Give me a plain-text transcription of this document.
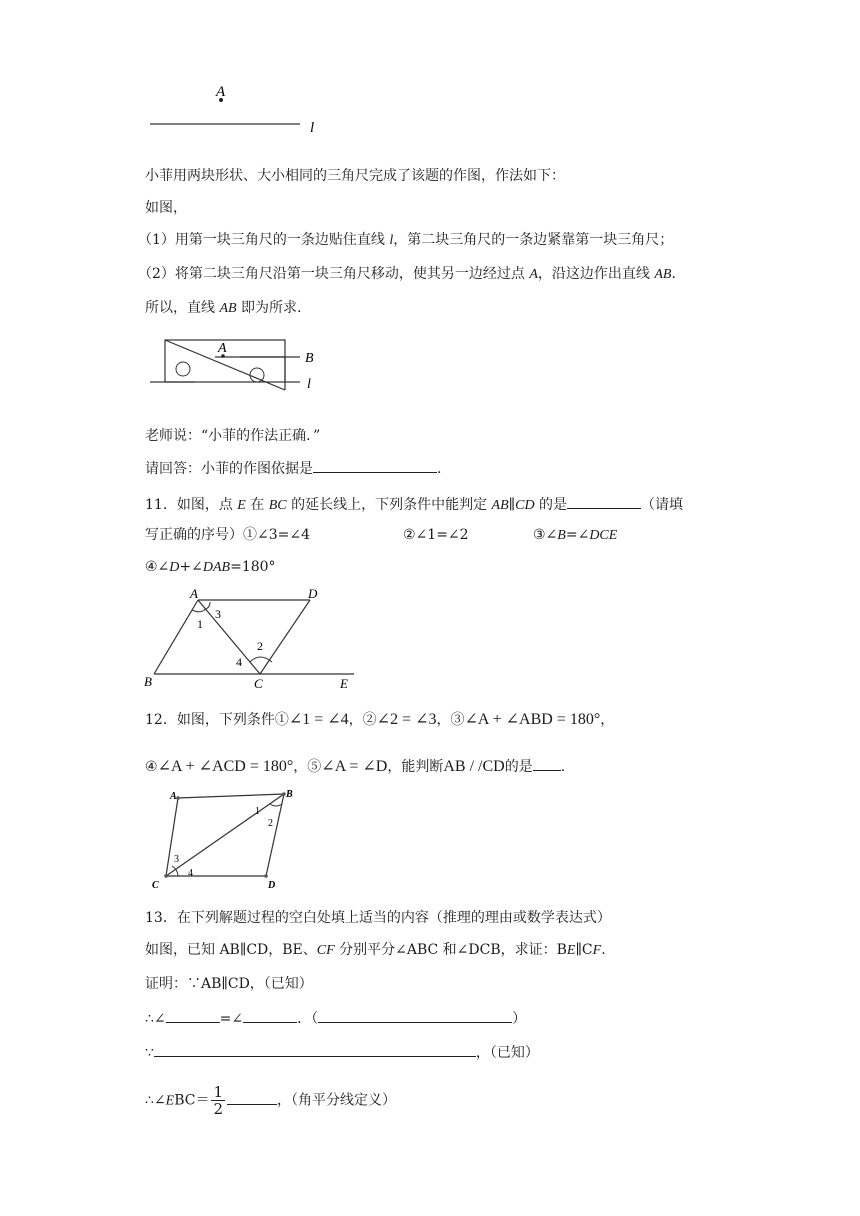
A
l
小菲用两块形状、大小相同的三角尺完成了该题的作图，作法如下：
如图，
（1）用第一块三角尺的一条边贴住直线 l，第二块三角尺的一条边紧靠第一块三角尺；
（2）将第二块三角尺沿第一块三角尺移动，使其另一边经过点 A，沿这边作出直线 AB.
所以，直线 AB 即为所求.
A
B
l
老师说：“小菲的作法正确．”
请回答：小菲的作图依据是	.
11．如图，点 E 在 BC 的延长线上，下列条件中能判定 AB∥CD 的是	（请填
写正确的序号）①∠3=∠4	②∠1=∠2	③∠B=∠DCE
④∠D+∠DAB=180°
A	D
B	C	E
1
3
2
4
12．如图，下列条件①∠1 = ∠4，②∠2 = ∠3，③∠A + ∠ABD = 180°，
④∠A + ∠ACD = 180°，⑤∠A = ∠D，能判断AB / /CD的是 .
A	B
C	D
1
2
3
4
13．在下列解题过程的空白处填上适当的内容（推理的理由或数学表达式）
如图，已知 AB∥CD，BE、CF 分别平分∠ABC 和∠DCB，求证：BE∥CF.
证明：∵AB∥CD，（已知）
∴∠	=∠	．（	）
∵	，（已知）
∴∠EBC＝ $\frac{1}{2}$	，（角平分线定义）
